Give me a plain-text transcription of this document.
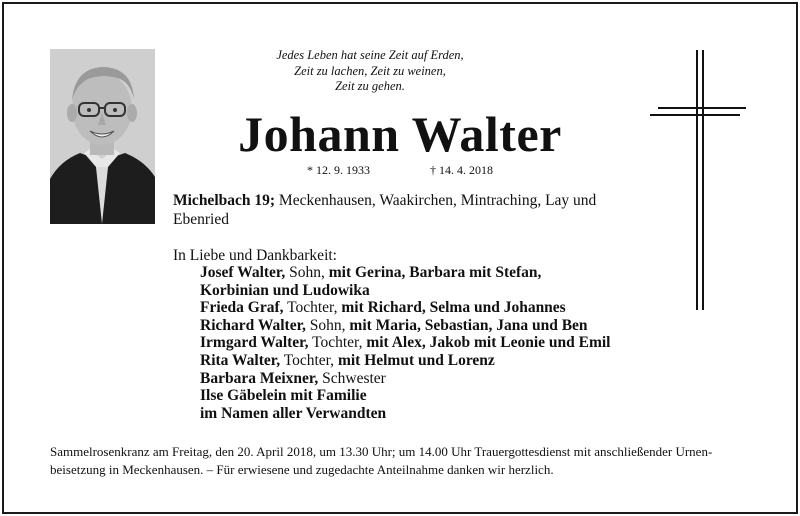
Jedes Leben hat seine Zeit auf Erden,
Zeit zu lachen, Zeit zu weinen,
Zeit zu gehen.
Johann Walter
* 12. 9. 1933	† 14. 4. 2018
Michelbach 19; Meckenhausen, Waakirchen, Mintraching, Lay und Ebenried
In Liebe und Dankbarkeit:
Josef Walter, Sohn, mit Gerina, Barbara mit Stefan,
Korbinian und Ludowika
Frieda Graf, Tochter, mit Richard, Selma und Johannes
Richard Walter, Sohn, mit Maria, Sebastian, Jana und Ben
Irmgard Walter, Tochter, mit Alex, Jakob mit Leonie und Emil
Rita Walter, Tochter, mit Helmut und Lorenz
Barbara Meixner, Schwester
Ilse Gäbelein mit Familie
im Namen aller Verwandten
Sammelrosenkranz am Freitag, den 20. April 2018, um 13.30 Uhr; um 14.00 Uhr Trauergottesdienst mit anschließender Urnen-beisetzung in Meckenhausen. – Für erwiesene und zugedachte Anteilnahme danken wir herzlich.
